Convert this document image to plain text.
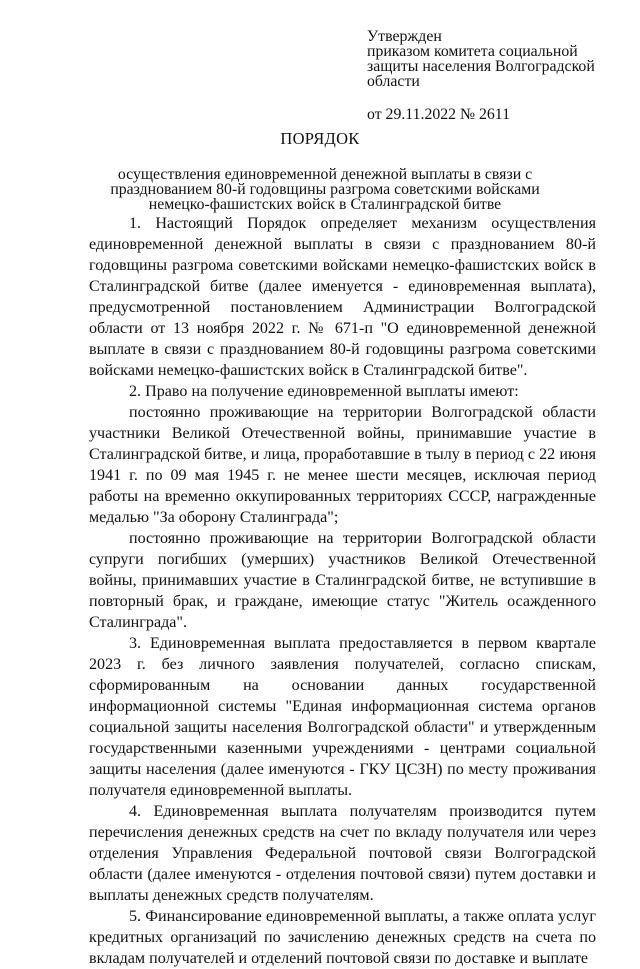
Утвержден
приказом комитета социальной
защиты населения Волгоградской
области
от 29.11.2022 № 2611
ПОРЯДОК
осуществления единовременной денежной выплаты в связи с празднованием 80-й годовщины разгрома советскими войсками немецко-фашистских войск в Сталинградской битве

1. Настоящий Порядок определяет механизм осуществления единовременной денежной выплаты в связи с празднованием 80-й годовщины разгрома советскими войсками немецко-фашистских войск в Сталинградской битве (далее именуется - единовременная выплата), предусмотренной постановлением Администрации Волгоградской области от 13 ноября 2022 г. № 671-п "О единовременной денежной выплате в связи с празднованием 80-й годовщины разгрома советскими войсками немецко-фашистских войск в Сталинградской битве".

2. Право на получение единовременной выплаты имеют:

постоянно проживающие на территории Волгоградской области участники Великой Отечественной войны, принимавшие участие в Сталинградской битве, и лица, проработавшие в тылу в период с 22 июня 1941 г. по 09 мая 1945 г. не менее шести месяцев, исключая период работы на временно оккупированных территориях СССР, награжденные медалью "За оборону Сталинграда";

постоянно проживающие на территории Волгоградской области супруги погибших (умерших) участников Великой Отечественной войны, принимавших участие в Сталинградской битве, не вступившие в повторный брак, и граждане, имеющие статус "Житель осажденного Сталинграда".

3. Единовременная выплата предоставляется в первом квартале 2023 г. без личного заявления получателей, согласно спискам, сформированным на основании данных государственной информационной системы "Единая информационная система органов социальной защиты населения Волгоградской области" и утвержденным государственными казенными учреждениями - центрами социальной защиты населения (далее именуются - ГКУ ЦСЗН) по месту проживания получателя единовременной выплаты.

4. Единовременная выплата получателям производится путем перечисления денежных средств на счет по вкладу получателя или через отделения Управления Федеральной почтовой связи Волгоградской области (далее именуются - отделения почтовой связи) путем доставки и выплаты денежных средств получателям.

5. Финансирование единовременной выплаты, а также оплата услуг кредитных организаций по зачислению денежных средств на счета по вкладам получателей и отделений почтовой связи по доставке и выплате
